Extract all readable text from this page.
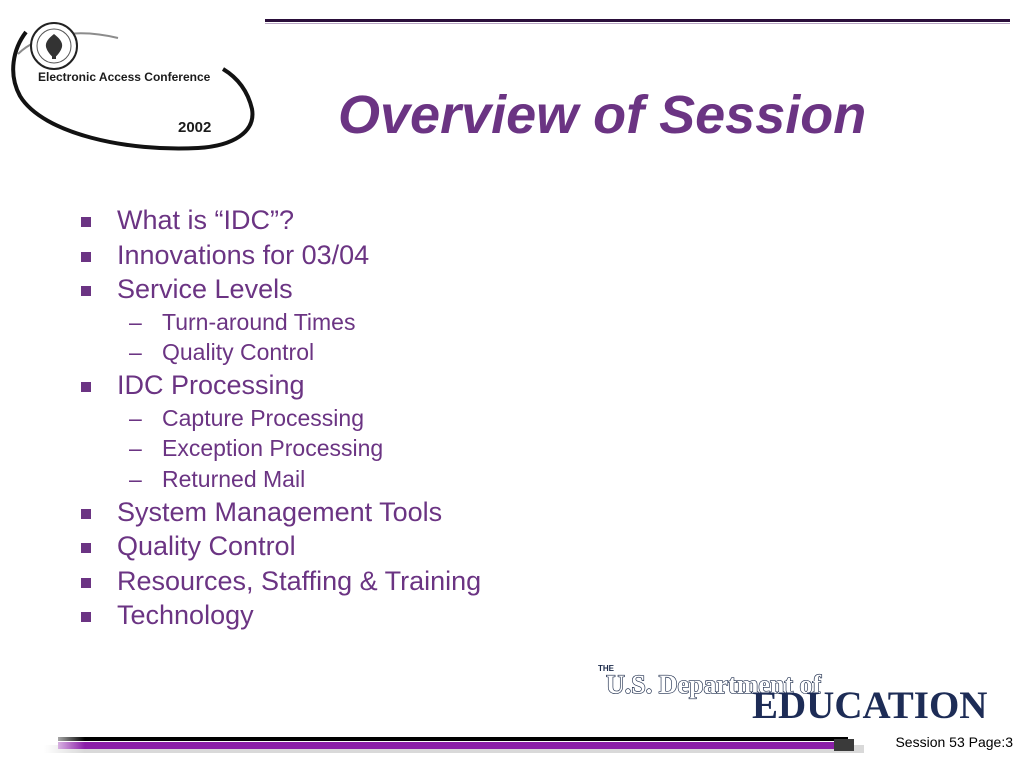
Electronic Access Conference
2002 Overview of Session
What is “IDC”?
Innovations for 03/04
Service Levels
– Turn-around Times
– Quality Control
IDC Processing
– Capture Processing
– Exception Processing
– Returned Mail
System Management Tools
Quality Control
Resources, Staffing & Training
Technology
THE
U.S. Department of
EDUCATION
Session 53 Page:3
